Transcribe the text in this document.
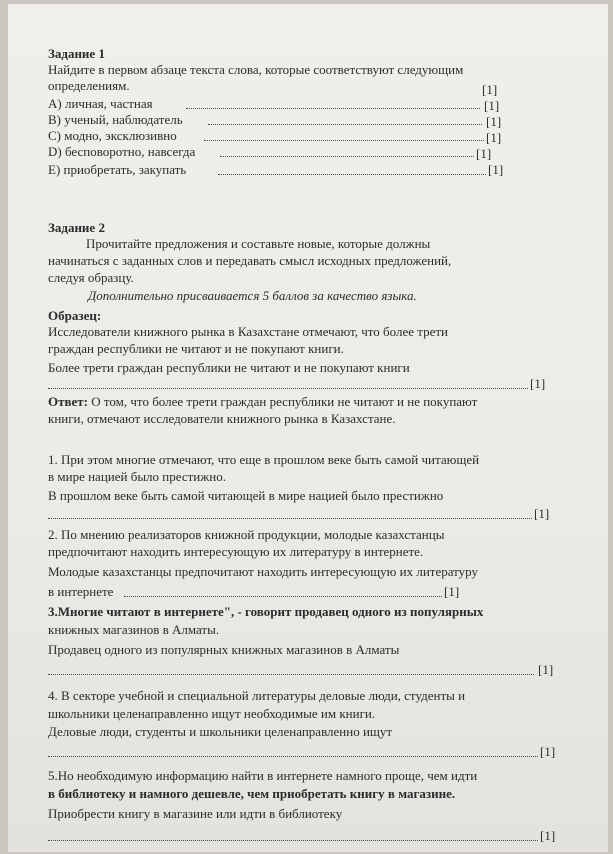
Задание 1
Найдите в первом абзаце текста слова, которые соответствуют следующим
определениям.	[1]
А) личная, частная	[1]
В) ученый, наблюдатель	[1]
С) модно, эксклюзивно	[1]
D) бесповоротно, навсегда	[1]
E) приобретать, закупать	[1]
Задание 2
Прочитайте предложения и составьте новые, которые должны
начинаться с заданных слов и передавать смысл исходных предложений,
следуя образцу.
Дополнительно присваивается 5 баллов за качество языка.
Образец:
Исследователи книжного рынка в Казахстане отмечают, что более трети
граждан республики не читают и не покупают книги.
Более трети граждан республики не читают и не покупают книги
[1]
Ответ: О том, что более трети граждан республики не читают и не покупают
книги, отмечают исследователи книжного рынка в Казахстане.
1. При этом многие отмечают, что еще в прошлом веке быть самой читающей
в мире нацией было престижно.
В прошлом веке быть самой читающей в мире нацией было престижно
[1]
2. По мнению реализаторов книжной продукции, молодые казахстанцы
предпочитают находить интересующую их литературу в интернете.
Молодые казахстанцы предпочитают находить интересующую их литературу
в интернете	[1]
3.Многие читают в интернете", - говорит продавец одного из популярных
книжных магазинов в Алматы.
Продавец одного из популярных книжных магазинов в Алматы
[1]
4. В секторе учебной и специальной литературы деловые люди, студенты и
школьники целенаправленно ищут необходимые им книги.
Деловые люди, студенты и школьники целенаправленно ищут
[1]
5.Но необходимую информацию найти в интернете намного проще, чем идти
в библиотеку и намного дешевле, чем приобретать книгу в магазине.
Приобрести книгу в магазине или идти в библиотеку
[1]
